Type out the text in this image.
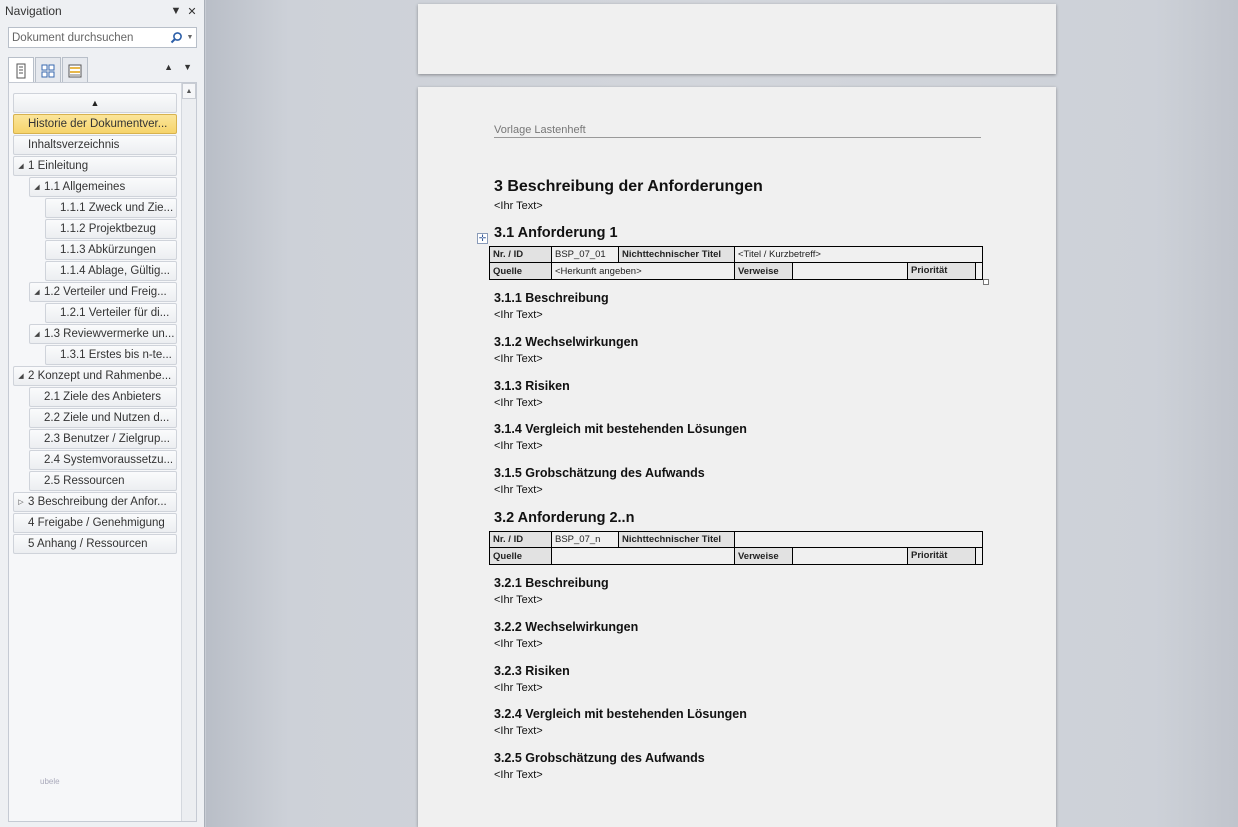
Navigation	▼ ✕
Dokument durchsuchen
▼
▲ ▼
▲
Historie der Dokumentver...
Inhaltsverzeichnis
◢ 1 Einleitung
◢ 1.1 Allgemeines
1.1.1 Zweck und Zie...
1.1.2 Projektbezug
1.1.3 Abkürzungen
1.1.4 Ablage, Gültig...
◢ 1.2 Verteiler und Freig...
1.2.1 Verteiler für di...
◢ 1.3 Reviewvermerke un...
1.3.1 Erstes bis n-te...
◢ 2 Konzept und Rahmenbe...
2.1 Ziele des Anbieters
2.2 Ziele und Nutzen d...
2.3 Benutzer / Zielgrup...
2.4 Systemvoraussetzu...
2.5 Ressourcen
▷ 3 Beschreibung der Anfor...
4 Freigabe / Genehmigung
5 Anhang / Ressourcen
▲
ubele
Vorlage Lastenheft
3 Beschreibung der Anforderungen
<Ihr Text>
3.1 Anforderung 1
✛
Nr. / ID	BSP_07_01	Nichttechnischer Titel	<Titel / Kurzbetreff>		
Quelle	<Herkunft angeben>		Verweise		Priorität
3.1.1 Beschreibung
<Ihr Text>
3.1.2 Wechselwirkungen
<Ihr Text>
3.1.3 Risiken
<Ihr Text>
3.1.4 Vergleich mit bestehenden Lösungen
<Ihr Text>
3.1.5 Grobschätzung des Aufwands
<Ihr Text>
3.2 Anforderung 2..n
Nr. / ID	BSP_07_n	Nichttechnischer Titel			
Quelle			Verweise		Priorität
3.2.1 Beschreibung
<Ihr Text>
3.2.2 Wechselwirkungen
<Ihr Text>
3.2.3 Risiken
<Ihr Text>
3.2.4 Vergleich mit bestehenden Lösungen
<Ihr Text>
3.2.5 Grobschätzung des Aufwands
<Ihr Text>
